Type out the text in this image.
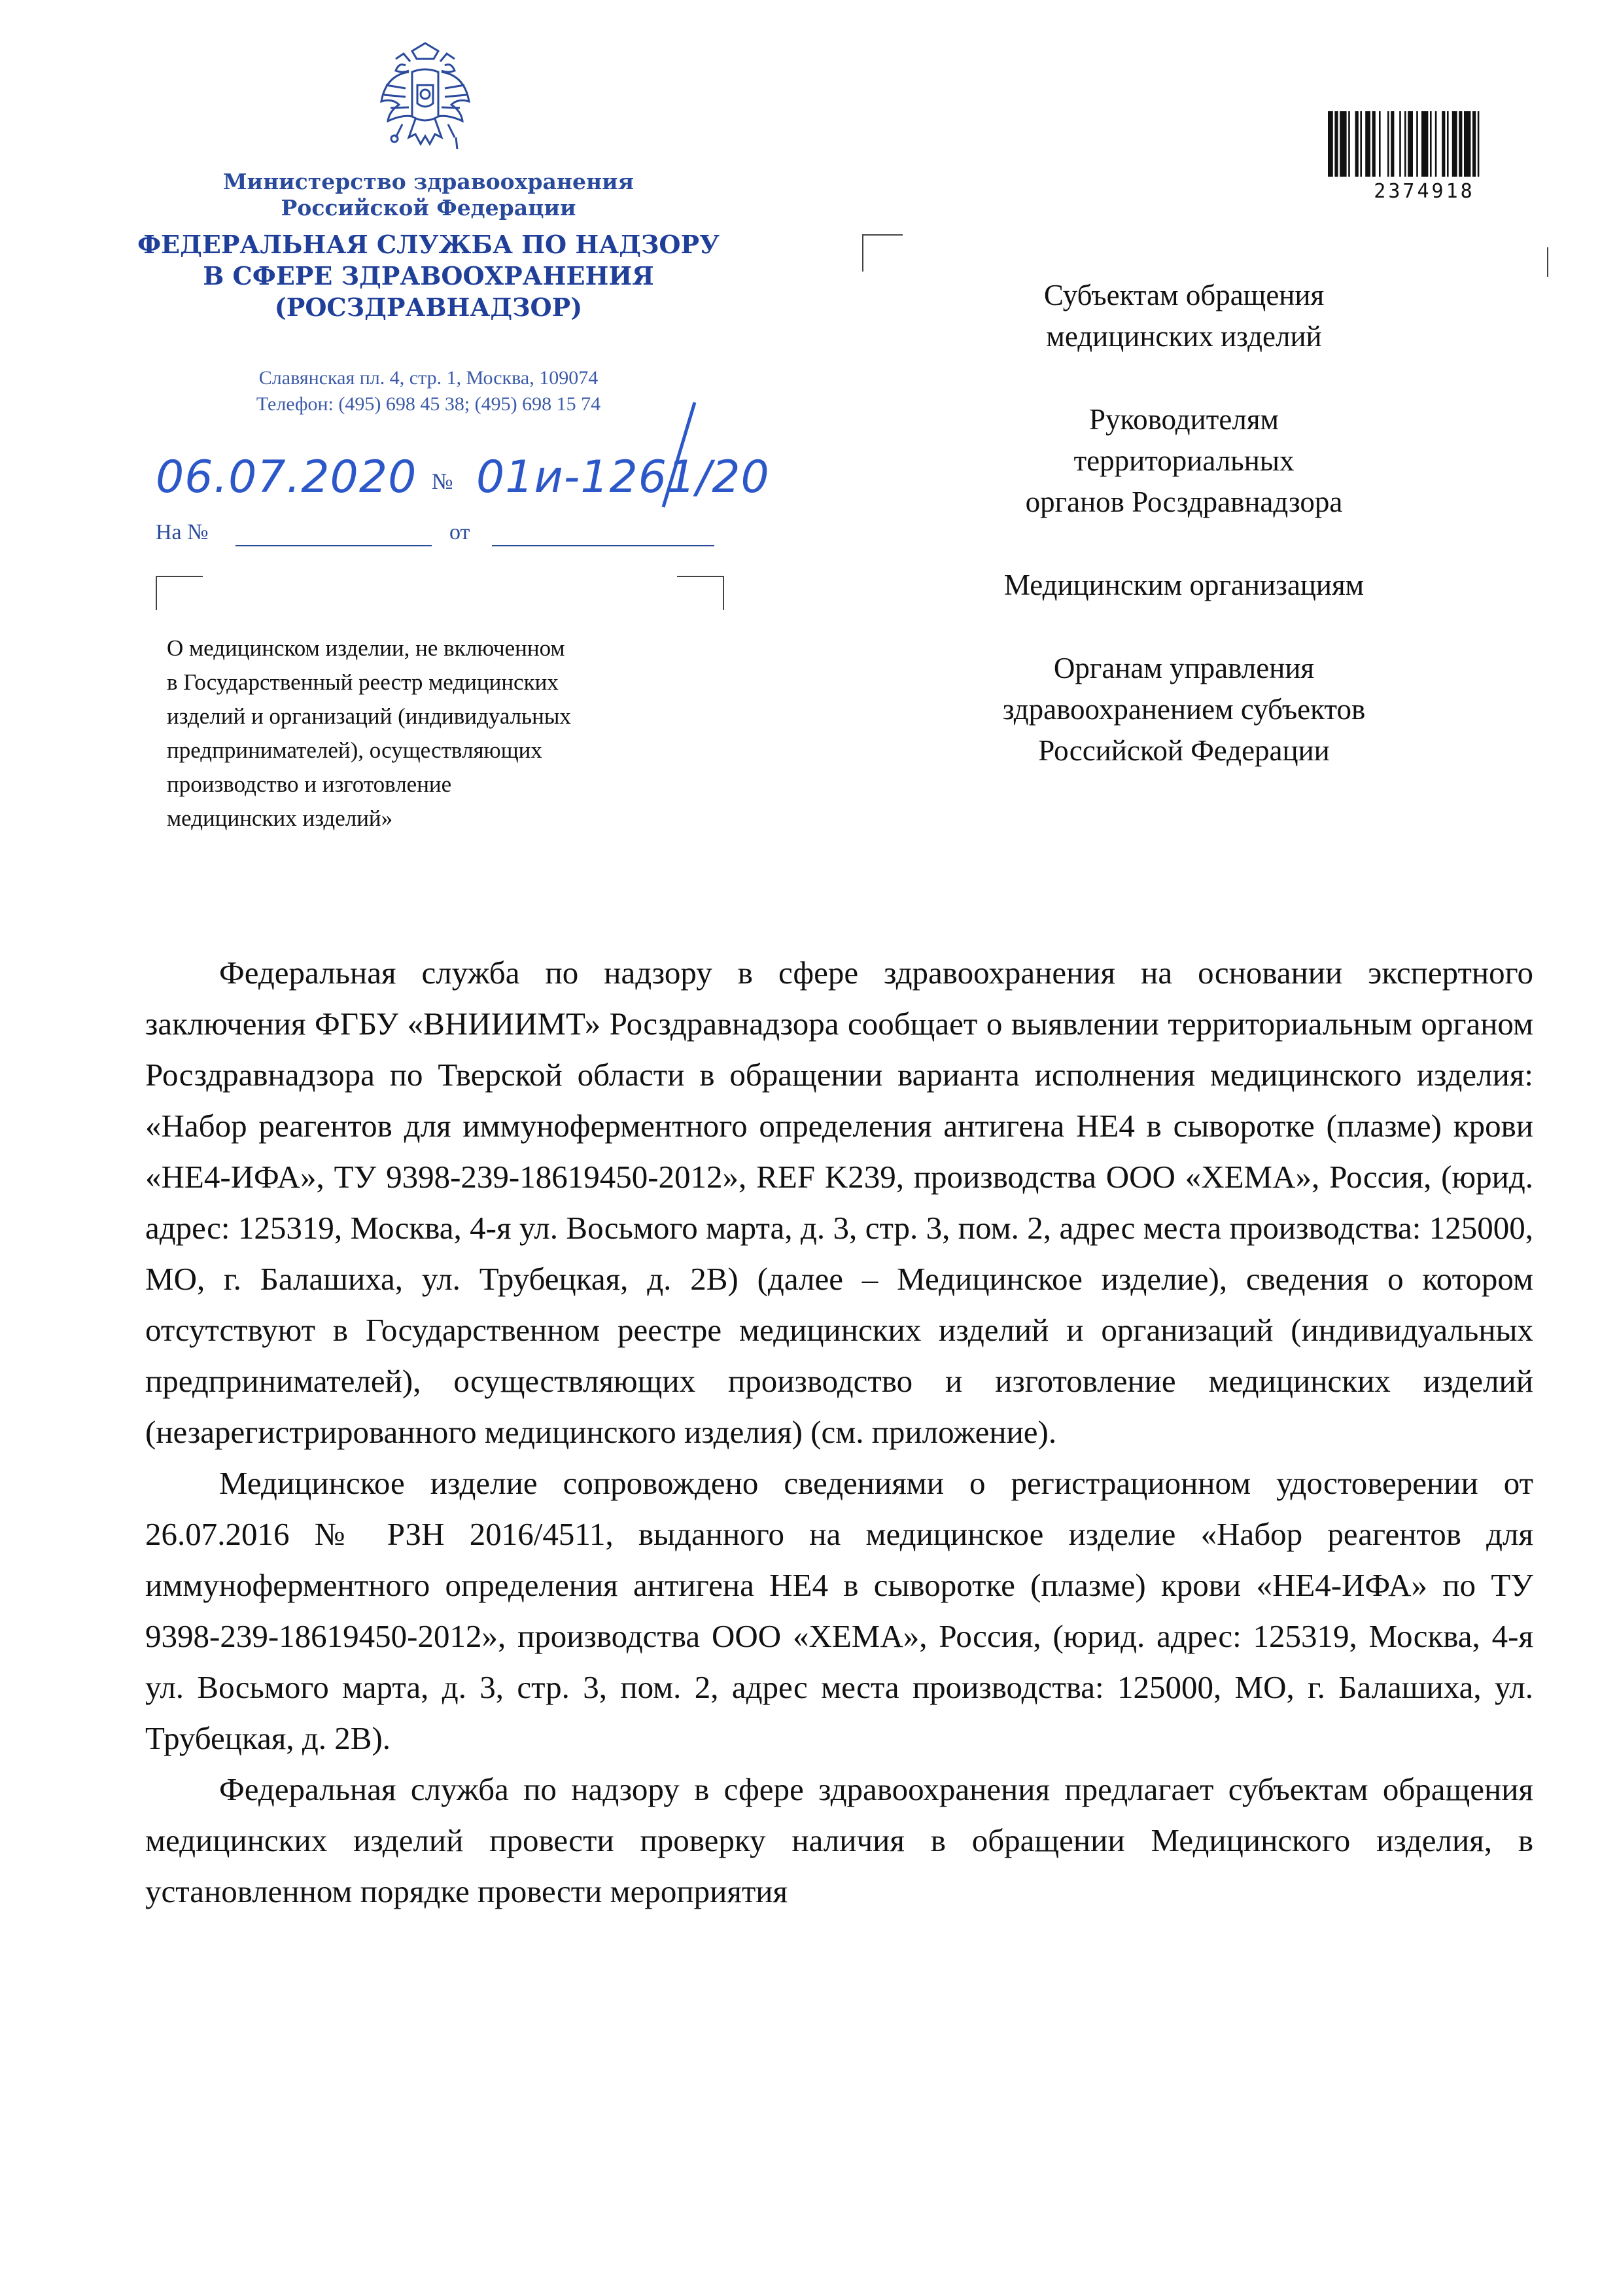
Министерство здравоохранения
Российской Федерации
ФЕДЕРАЛЬНАЯ СЛУЖБА ПО НАДЗОРУ
В СФЕРЕ ЗДРАВООХРАНЕНИЯ
(РОСЗДРАВНАДЗОР)
Славянская пл. 4, стр. 1, Москва, 109074
Телефон: (495) 698 45 38; (495) 698 15 74
06.07.2020 № 01и-1261/20
На №	от
О медицинском изделии, не включенном
в Государственный реестр медицинских
изделий и организаций (индивидуальных
предпринимателей), осуществляющих
производство и изготовление
медицинских изделий»
2374918
Субъектам обращения
медицинских изделий
Руководителям
территориальных
органов Росздравнадзора
Медицинским организациям
Органам управления
здравоохранением субъектов
Российской Федерации

Федеральная служба по надзору в сфере здравоохранения на основании экспертного заключения ФГБУ «ВНИИИМТ» Росздравнадзора сообщает о выявлении территориальным органом Росздравнадзора по Тверской области в обращении варианта исполнения медицинского изделия: «Набор реагентов для иммуноферментного определения антигена HE4 в сыворотке (плазме) крови «HE4-ИФА», ТУ 9398-239-18619450-2012», REF K239, производства ООО «ХЕМА», Россия, (юрид. адрес: 125319, Москва, 4-я ул. Восьмого марта, д. 3, стр. 3, пом. 2, адрес места производства: 125000, МО, г. Балашиха, ул. Трубецкая, д. 2В) (далее – Медицинское изделие), сведения о котором отсутствуют в Государственном реестре медицинских изделий и организаций (индивидуальных предпринимателей), осуществляющих производство и изготовление медицинских изделий (незарегистрированного медицинского изделия) (см. приложение).

Медицинское изделие сопровождено сведениями о регистрационном удостоверении от 26.07.2016 № РЗН 2016/4511, выданного на медицинское изделие «Набор реагентов для иммуноферментного определения антигена HE4 в сыворотке (плазме) крови «HE4-ИФА» по ТУ 9398-239-18619450-2012», производства ООО «ХЕМА», Россия, (юрид. адрес: 125319, Москва, 4-я ул. Восьмого марта, д. 3, стр. 3, пом. 2, адрес места производства: 125000, МО, г. Балашиха, ул. Трубецкая, д. 2В).

Федеральная служба по надзору в сфере здравоохранения предлагает субъектам обращения медицинских изделий провести проверку наличия в обращении Медицинского изделия, в установленном порядке провести мероприятия
